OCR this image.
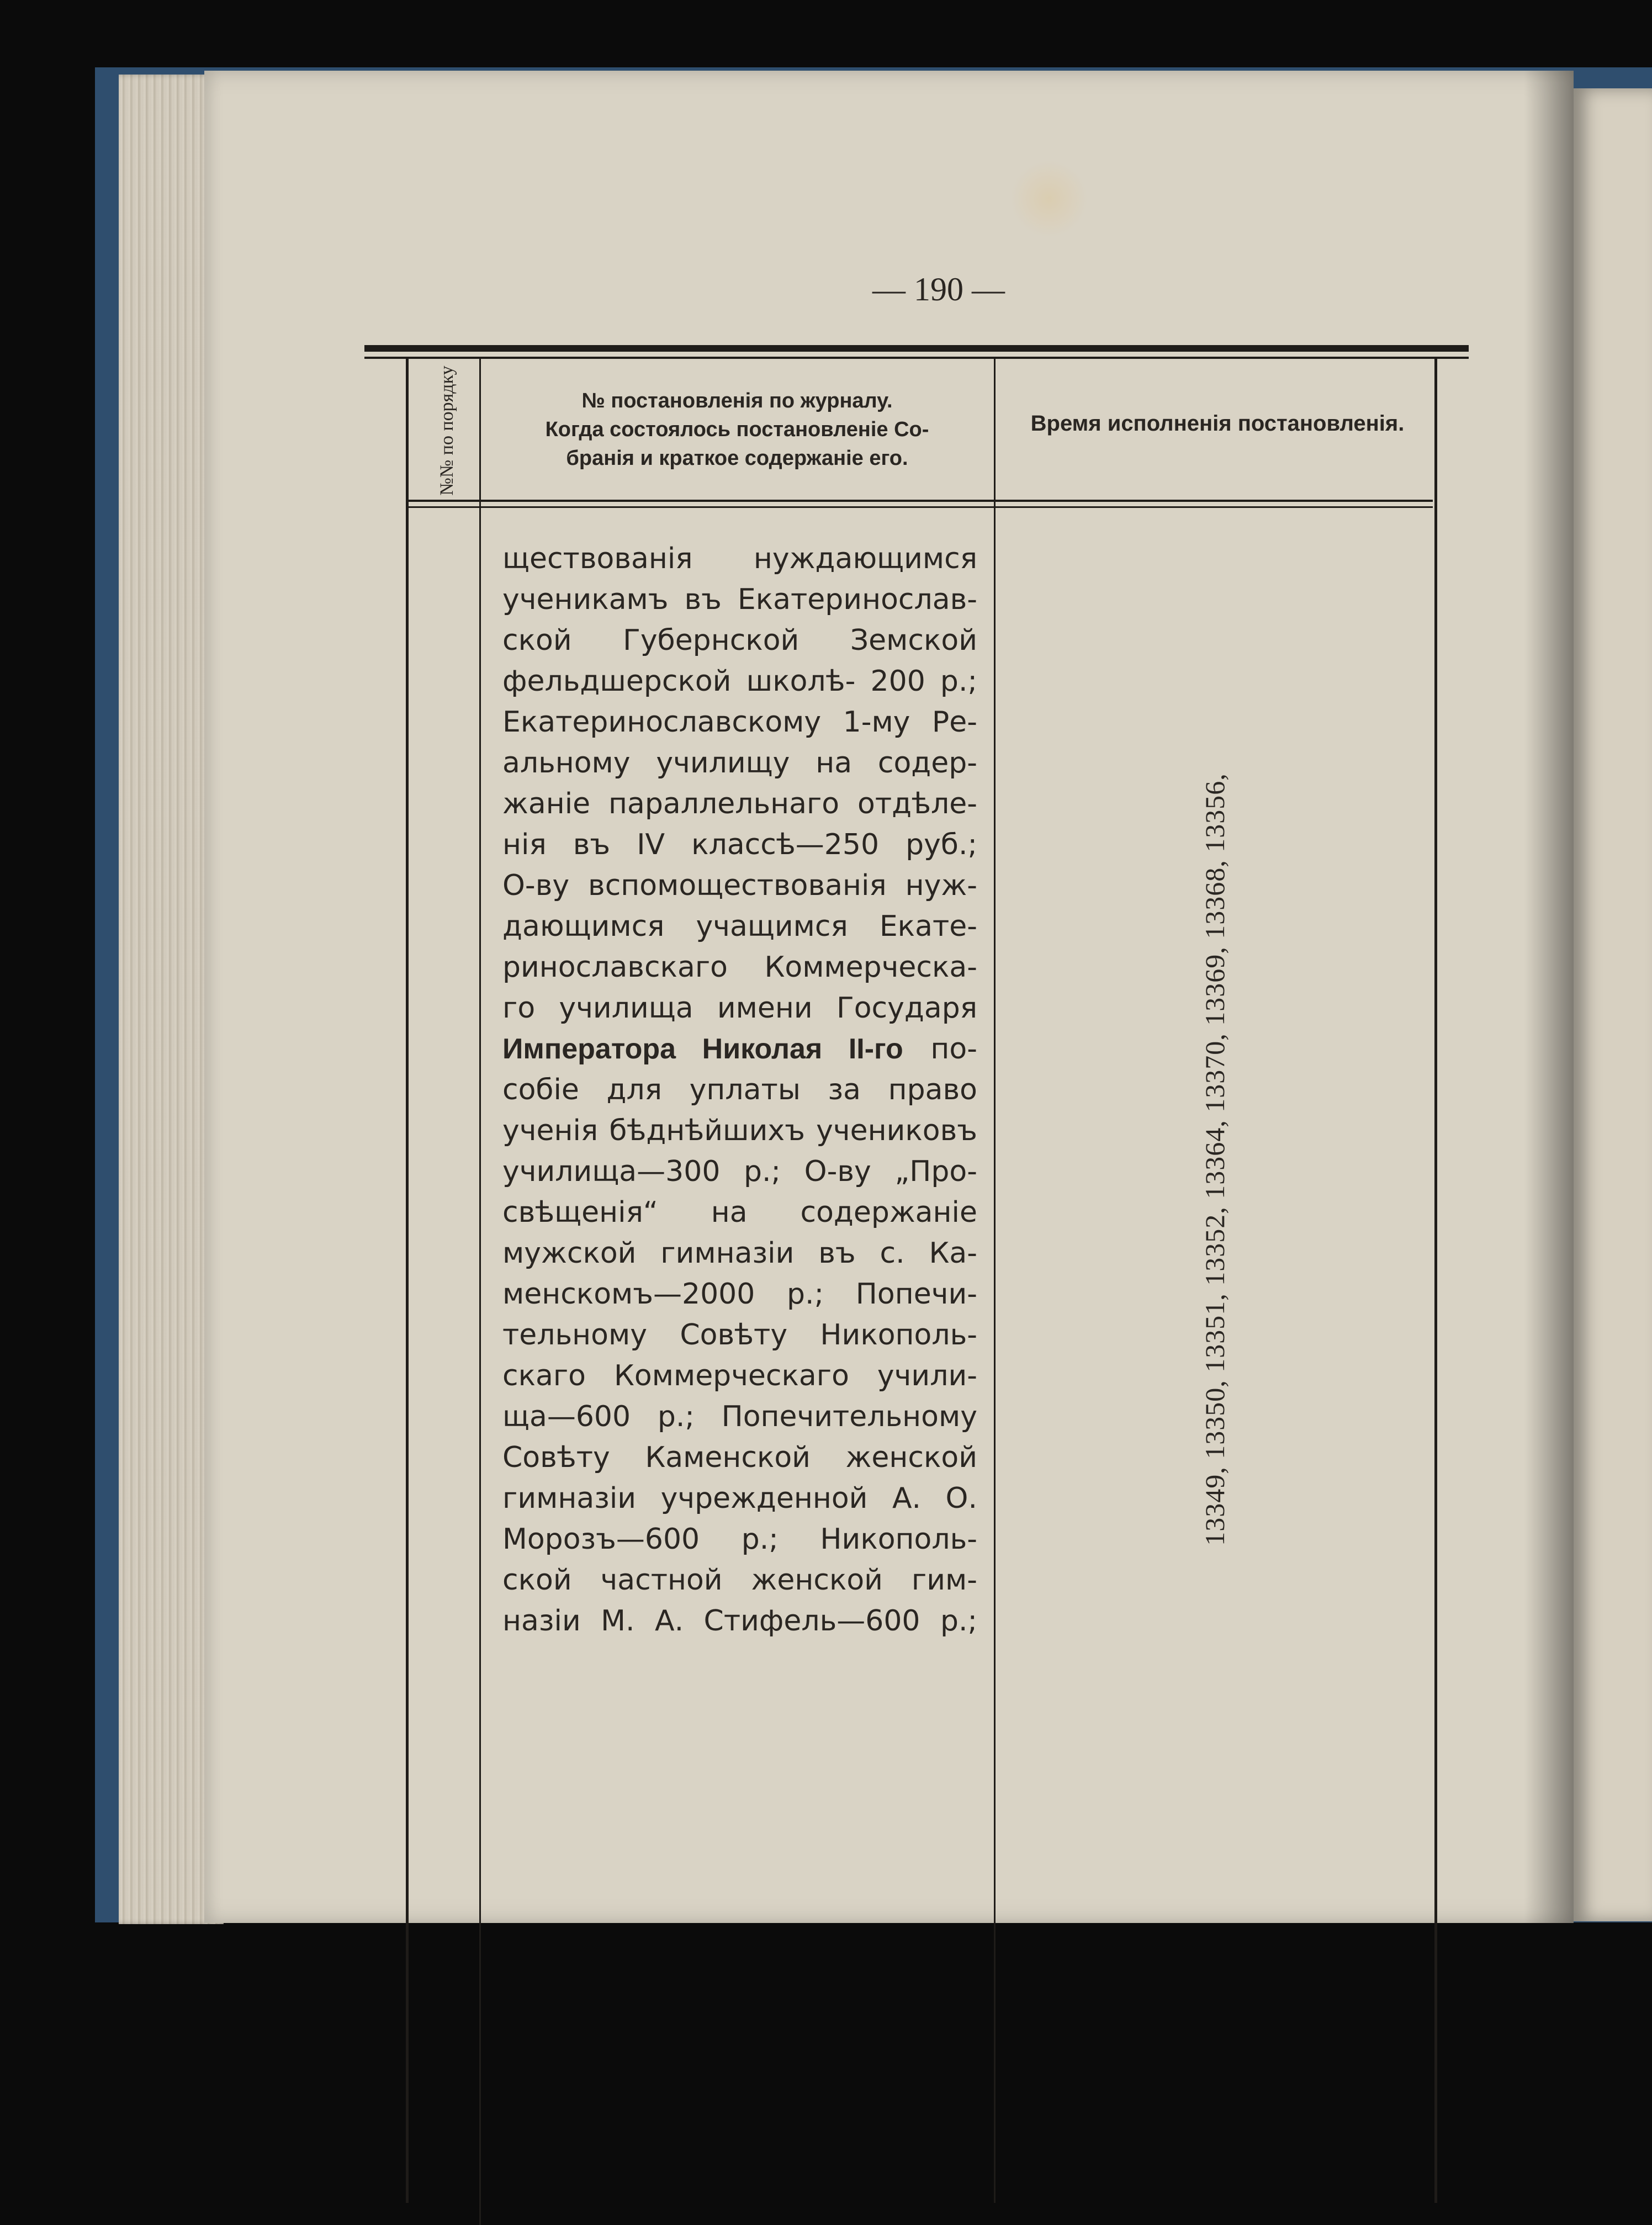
— 190 —
№№ по порядку	№ постановленія по журналу.
Когда состоялось постановленіе Со-
бранія и краткое содержаніе его.
Время исполненія постановленія.
ществованія нуждающимся
ученикамъ въ Екатеринослав-
ской Губернской Земской
фельдшерской школѣ- 200 р.;
Екатеринославскому 1-му Ре-
альному училищу на содер-
жаніе параллельнаго отдѣле-
нія въ IV классѣ—250 руб.;
О-ву вспомоществованія нуж-
дающимся учащимся Екате-
ринославскаго Коммерческа-
го училища имени Государя
Императора Николая II-го по-
собіе для уплаты за право
ученія бѣднѣйшихъ учениковъ
училища—300 р.; О-ву „Про-
свѣщенія“ на содержаніе
мужской гимназіи въ с. Ка-
менскомъ—2000 р.; Попечи-
тельному Совѣту Никополь-
скаго Коммерческаго учили-
ща—600 р.; Попечительному
Совѣту Каменской женской
гимназіи учрежденной А. О.
Морозъ—600 р.; Никополь-
ской частной женской гим-
назіи М. А. Стифель—600 р.;
13349, 13350, 13351, 13352, 13364, 13370, 13369, 13368, 13356,
